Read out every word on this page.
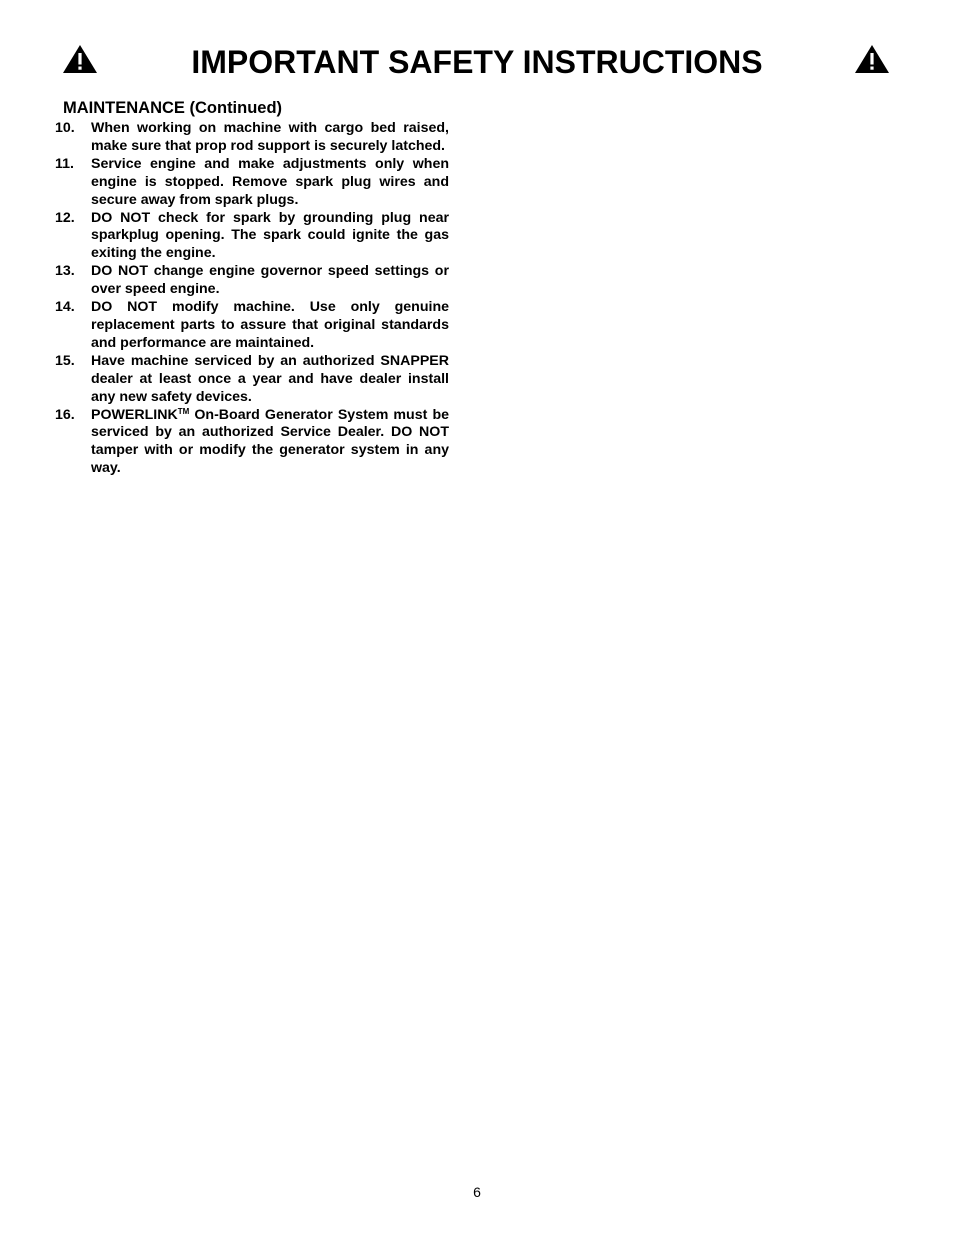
IMPORTANT SAFETY INSTRUCTIONS
MAINTENANCE (Continued)
10.	When working on machine with cargo bed raised, make sure that prop rod support is securely latched.
11.	Service engine and make adjustments only when engine is stopped. Remove spark plug wires and secure away from spark plugs.
12.	DO NOT check for spark by grounding plug near sparkplug opening. The spark could ignite the gas exiting the engine.
13.	DO NOT change engine governor speed settings or over speed engine.
14.	DO NOT modify machine. Use only genuine replacement parts to assure that original standards and performance are maintained.
15.	Have machine serviced by an authorized SNAPPER dealer at least once a year and have dealer install any new safety devices.
16.	POWERLINK™ On-Board Generator System must be serviced by an authorized Service Dealer. DO NOT tamper with or modify the generator system in any way.
6
